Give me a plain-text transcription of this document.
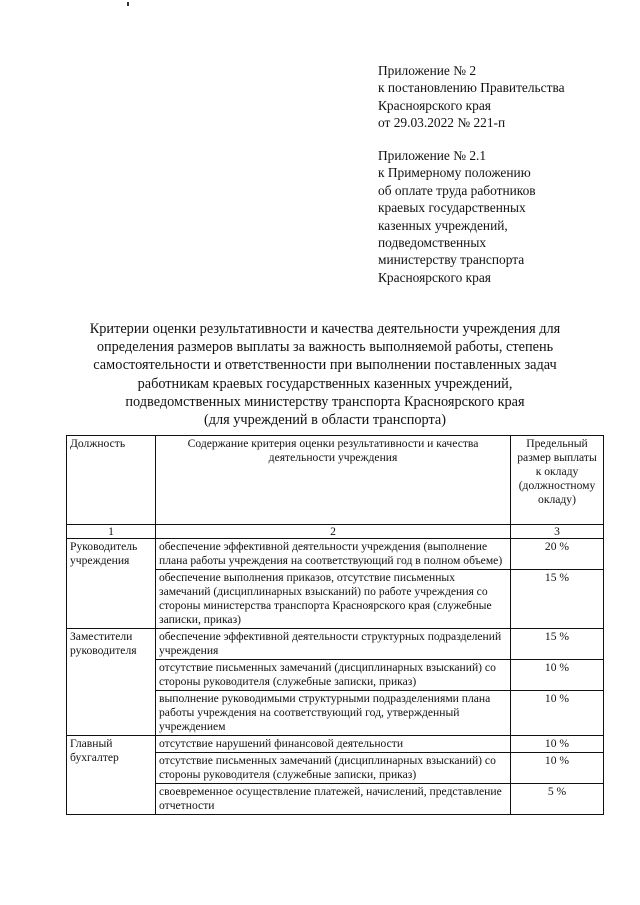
Приложение № 2
к постановлению Правительства
Красноярского края
от 29.03.2022 № 221-п
Приложение № 2.1
к Примерному положению
об оплате труда работников
краевых государственных
казенных учреждений,
подведомственных
министерству транспорта
Красноярского края
Критерии оценки результативности и качества деятельности учреждения для
определения размеров выплаты за важность выполняемой работы, степень
самостоятельности и ответственности при выполнении поставленных задач
работникам краевых государственных казенных учреждений,
подведомственных министерству транспорта Красноярского края
(для учреждений в области транспорта)
Должность	Содержание критерия оценки результативности и качества деятельности учреждения	Предельный размер выплаты к окладу (должностному окладу)
1	2	3
Руководитель учреждения	обеспечение эффективной деятельности учреждения (выполнение плана работы учреждения на соответствующий год в полном объеме)	20 %
	обеспечение выполнения приказов, отсутствие письменных замечаний (дисциплинарных взысканий) по работе учреждения со стороны министерства транспорта Красноярского края (служебные записки, приказ)	15 %
Заместители руководителя	обеспечение эффективной деятельности структурных подразделений учреждения	15 %
	отсутствие письменных замечаний (дисциплинарных взысканий) со стороны руководителя (служебные записки, приказ)	10 %
	выполнение руководимыми структурными подразделениями плана работы учреждения на соответствующий год, утвержденный учреждением	10 %
Главный бухгалтер	отсутствие нарушений финансовой деятельности	10 %
	отсутствие письменных замечаний (дисциплинарных взысканий) со стороны руководителя (служебные записки, приказ)	10 %
	своевременное осуществление платежей, начислений, представление отчетности	5 %
